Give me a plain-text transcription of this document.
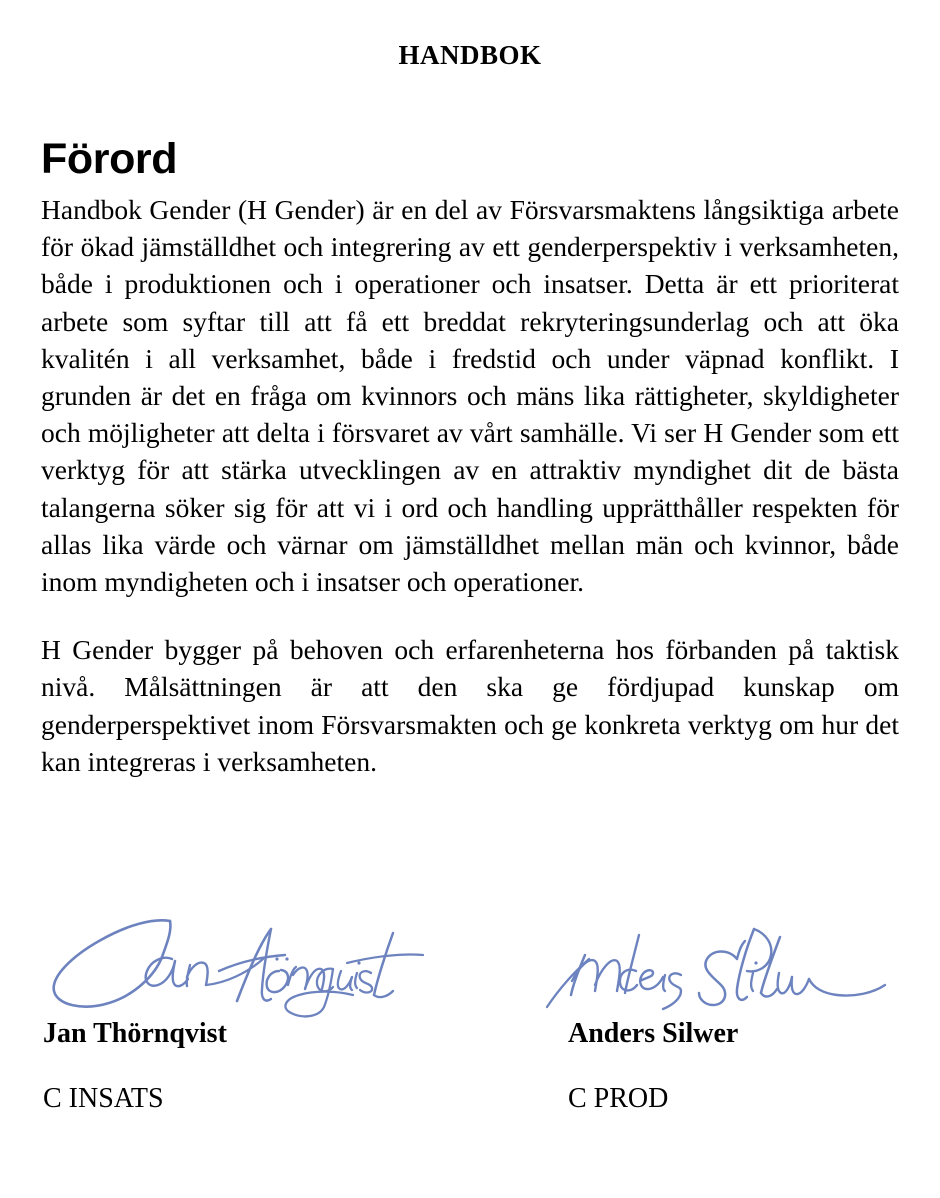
HANDBOK
Förord

Handbok Gender (H Gender) är en del av Försvarsmaktens långsiktiga arbete för ökad jämställdhet och integrering av ett genderperspektiv i verksamheten, både i produktionen och i operationer och insatser. Detta är ett prioriterat arbete som syftar till att få ett breddat rekryteringsunderlag och att öka kvalitén i all verksamhet, både i fredstid och under väpnad konflikt. I grunden är det en fråga om kvinnors och mäns lika rättigheter, skyldigheter och möjligheter att delta i försvaret av vårt samhälle. Vi ser H Gender som ett verktyg för att stärka utvecklingen av en attraktiv myndighet dit de bästa talangerna söker sig för att vi i ord och handling upprätthåller respekten för allas lika värde och värnar om jämställdhet mellan män och kvinnor, både inom myndigheten och i insatser och operationer.

H Gender bygger på behoven och erfarenheterna hos förbanden på taktisk nivå. Målsättningen är att den ska ge fördjupad kunskap om genderperspektivet inom Försvarsmakten och ge konkreta verktyg om hur det kan integreras i verksamheten.

Jan Thörnqvist
C INSATS
Anders Silwer
C PROD
